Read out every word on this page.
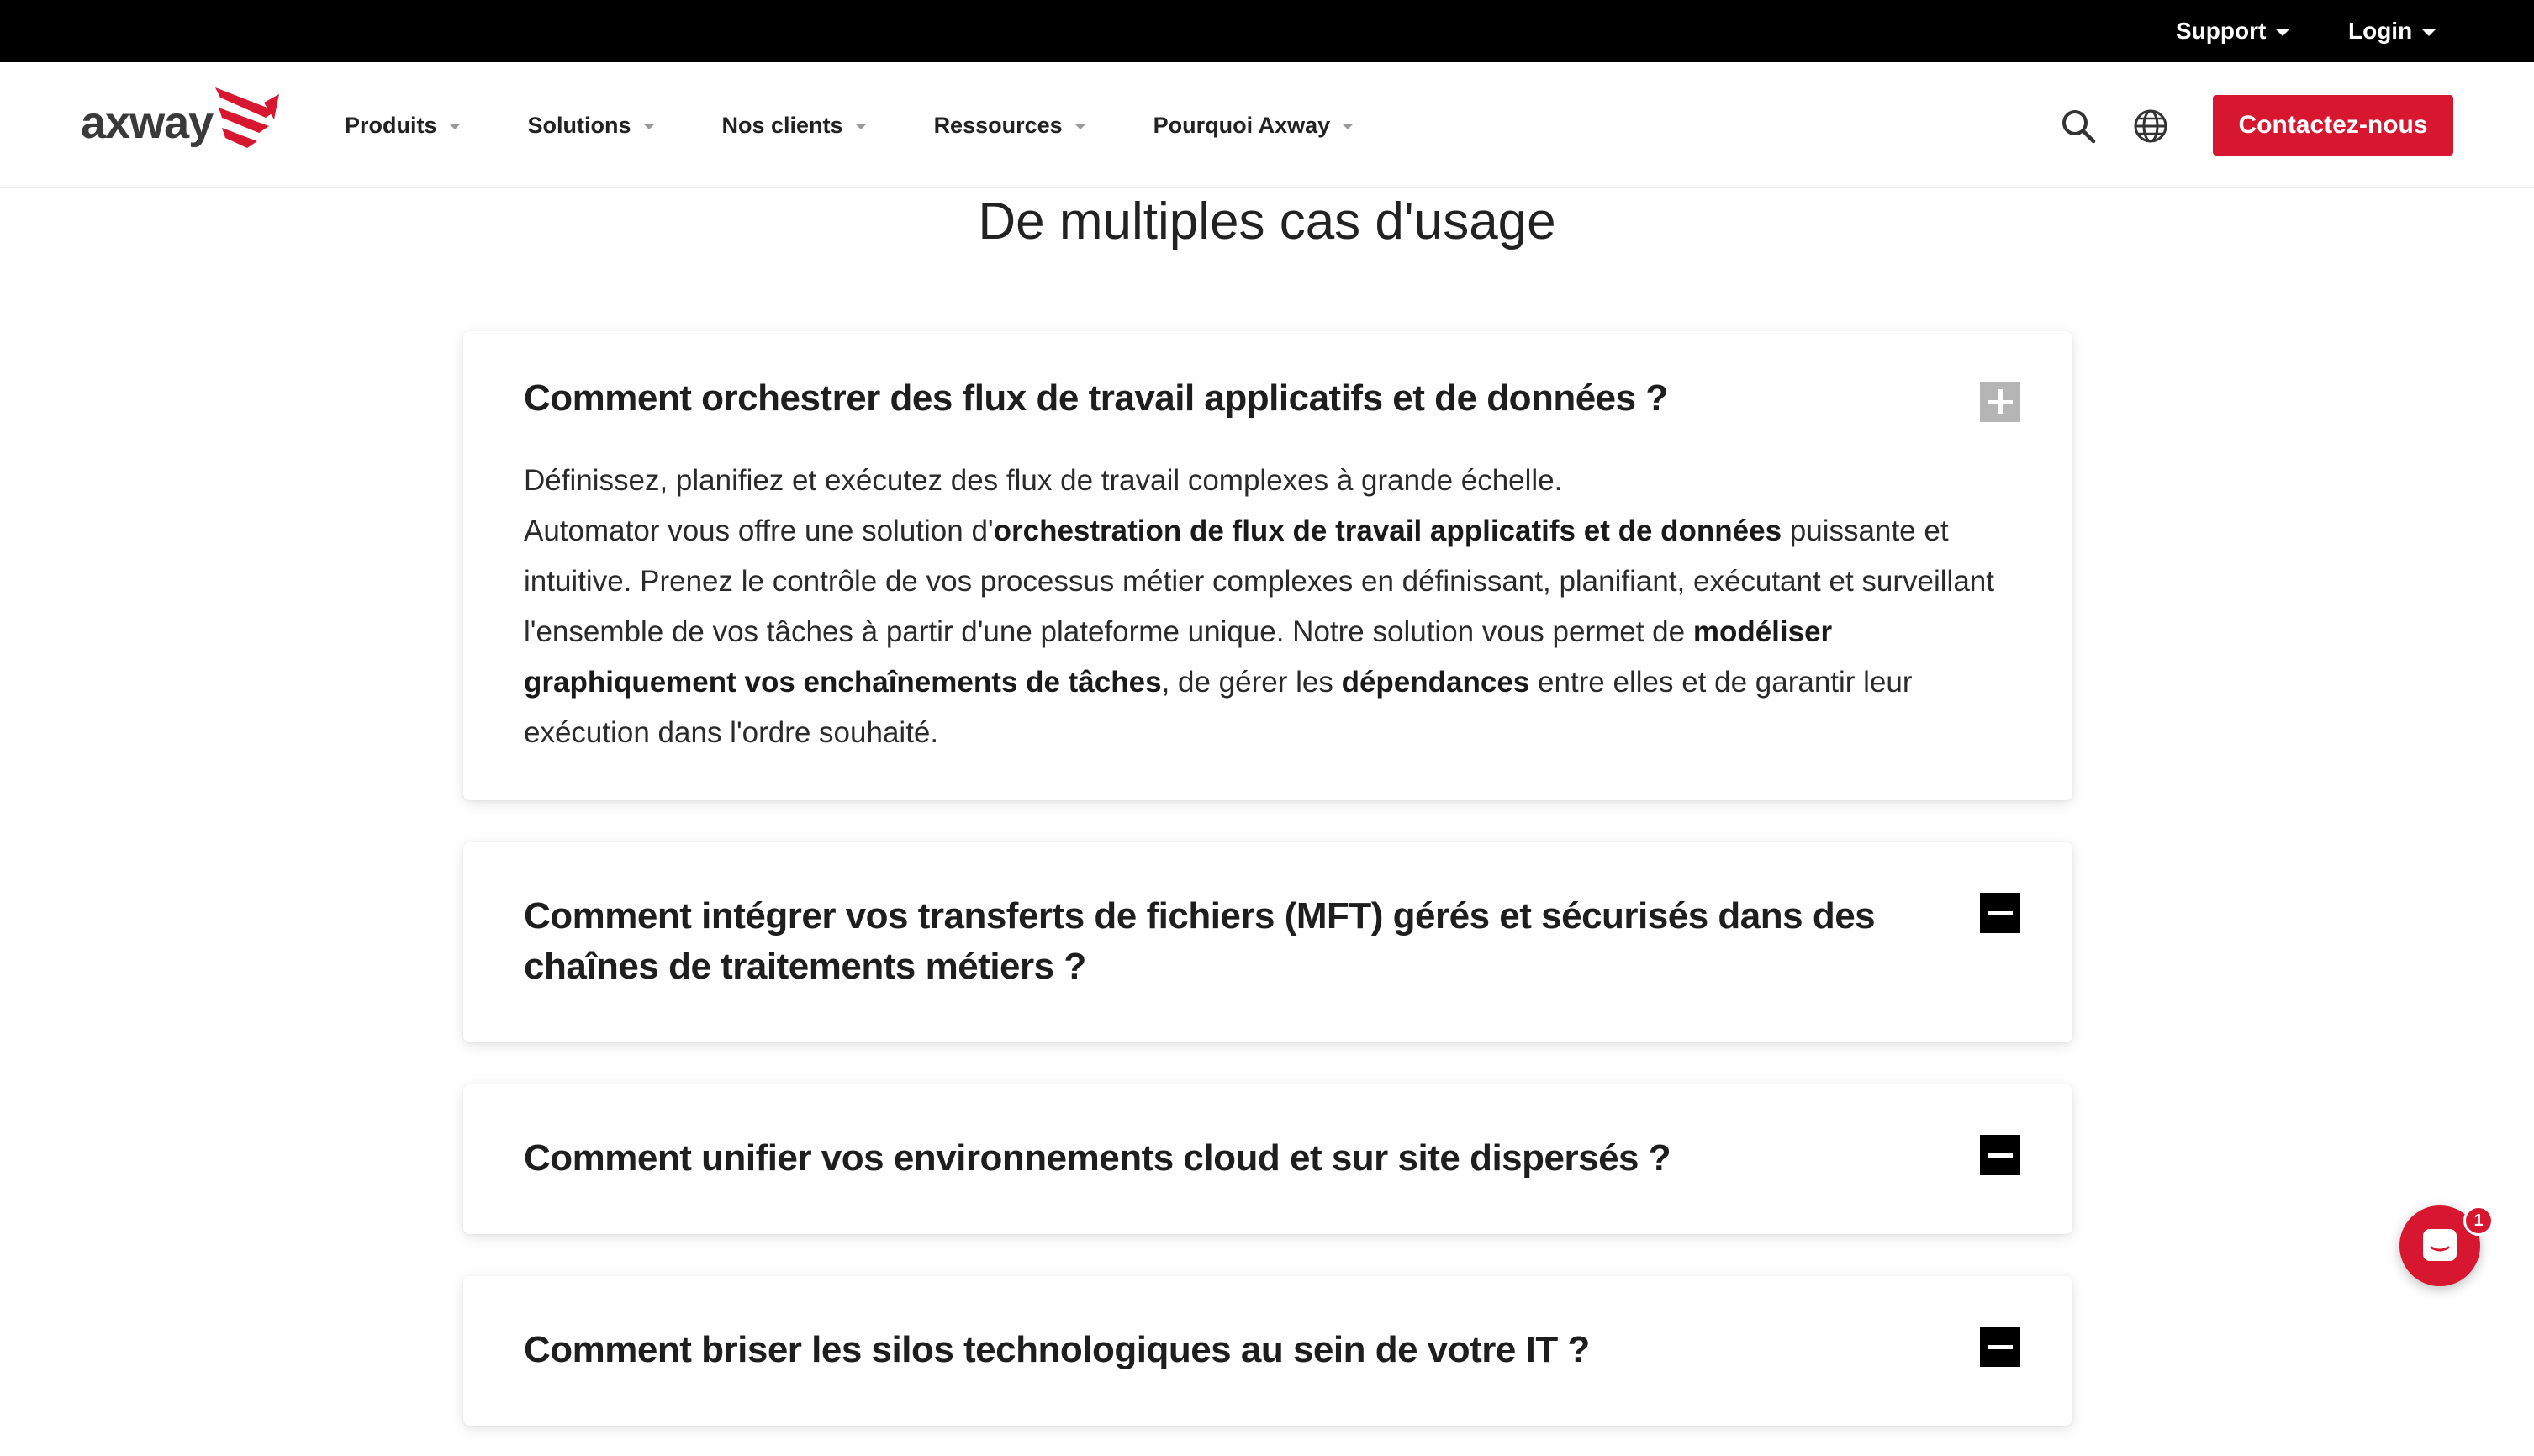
Support	Login
axway	Produits	Solutions	Nos clients	Ressources	Pourquoi Axway	Contactez-nous
De multiples cas d'usage
Comment orchestrer des flux de travail applicatifs et de données ?
Définissez, planifiez et exécutez des flux de travail complexes à grande échelle.
Automator vous offre une solution d'orchestration de flux de travail applicatifs et de données puissante et intuitive. Prenez le contrôle de vos processus métier complexes en définissant, planifiant, exécutant et surveillant l'ensemble de vos tâches à partir d'une plateforme unique. Notre solution vous permet de modéliser graphiquement vos enchaînements de tâches, de gérer les dépendances entre elles et de garantir leur exécution dans l'ordre souhaité.
Comment intégrer vos transferts de fichiers (MFT) gérés et sécurisés dans des chaînes de traitements métiers ?
Comment unifier vos environnements cloud et sur site dispersés ?
Comment briser les silos technologiques au sein de votre IT ?
1
